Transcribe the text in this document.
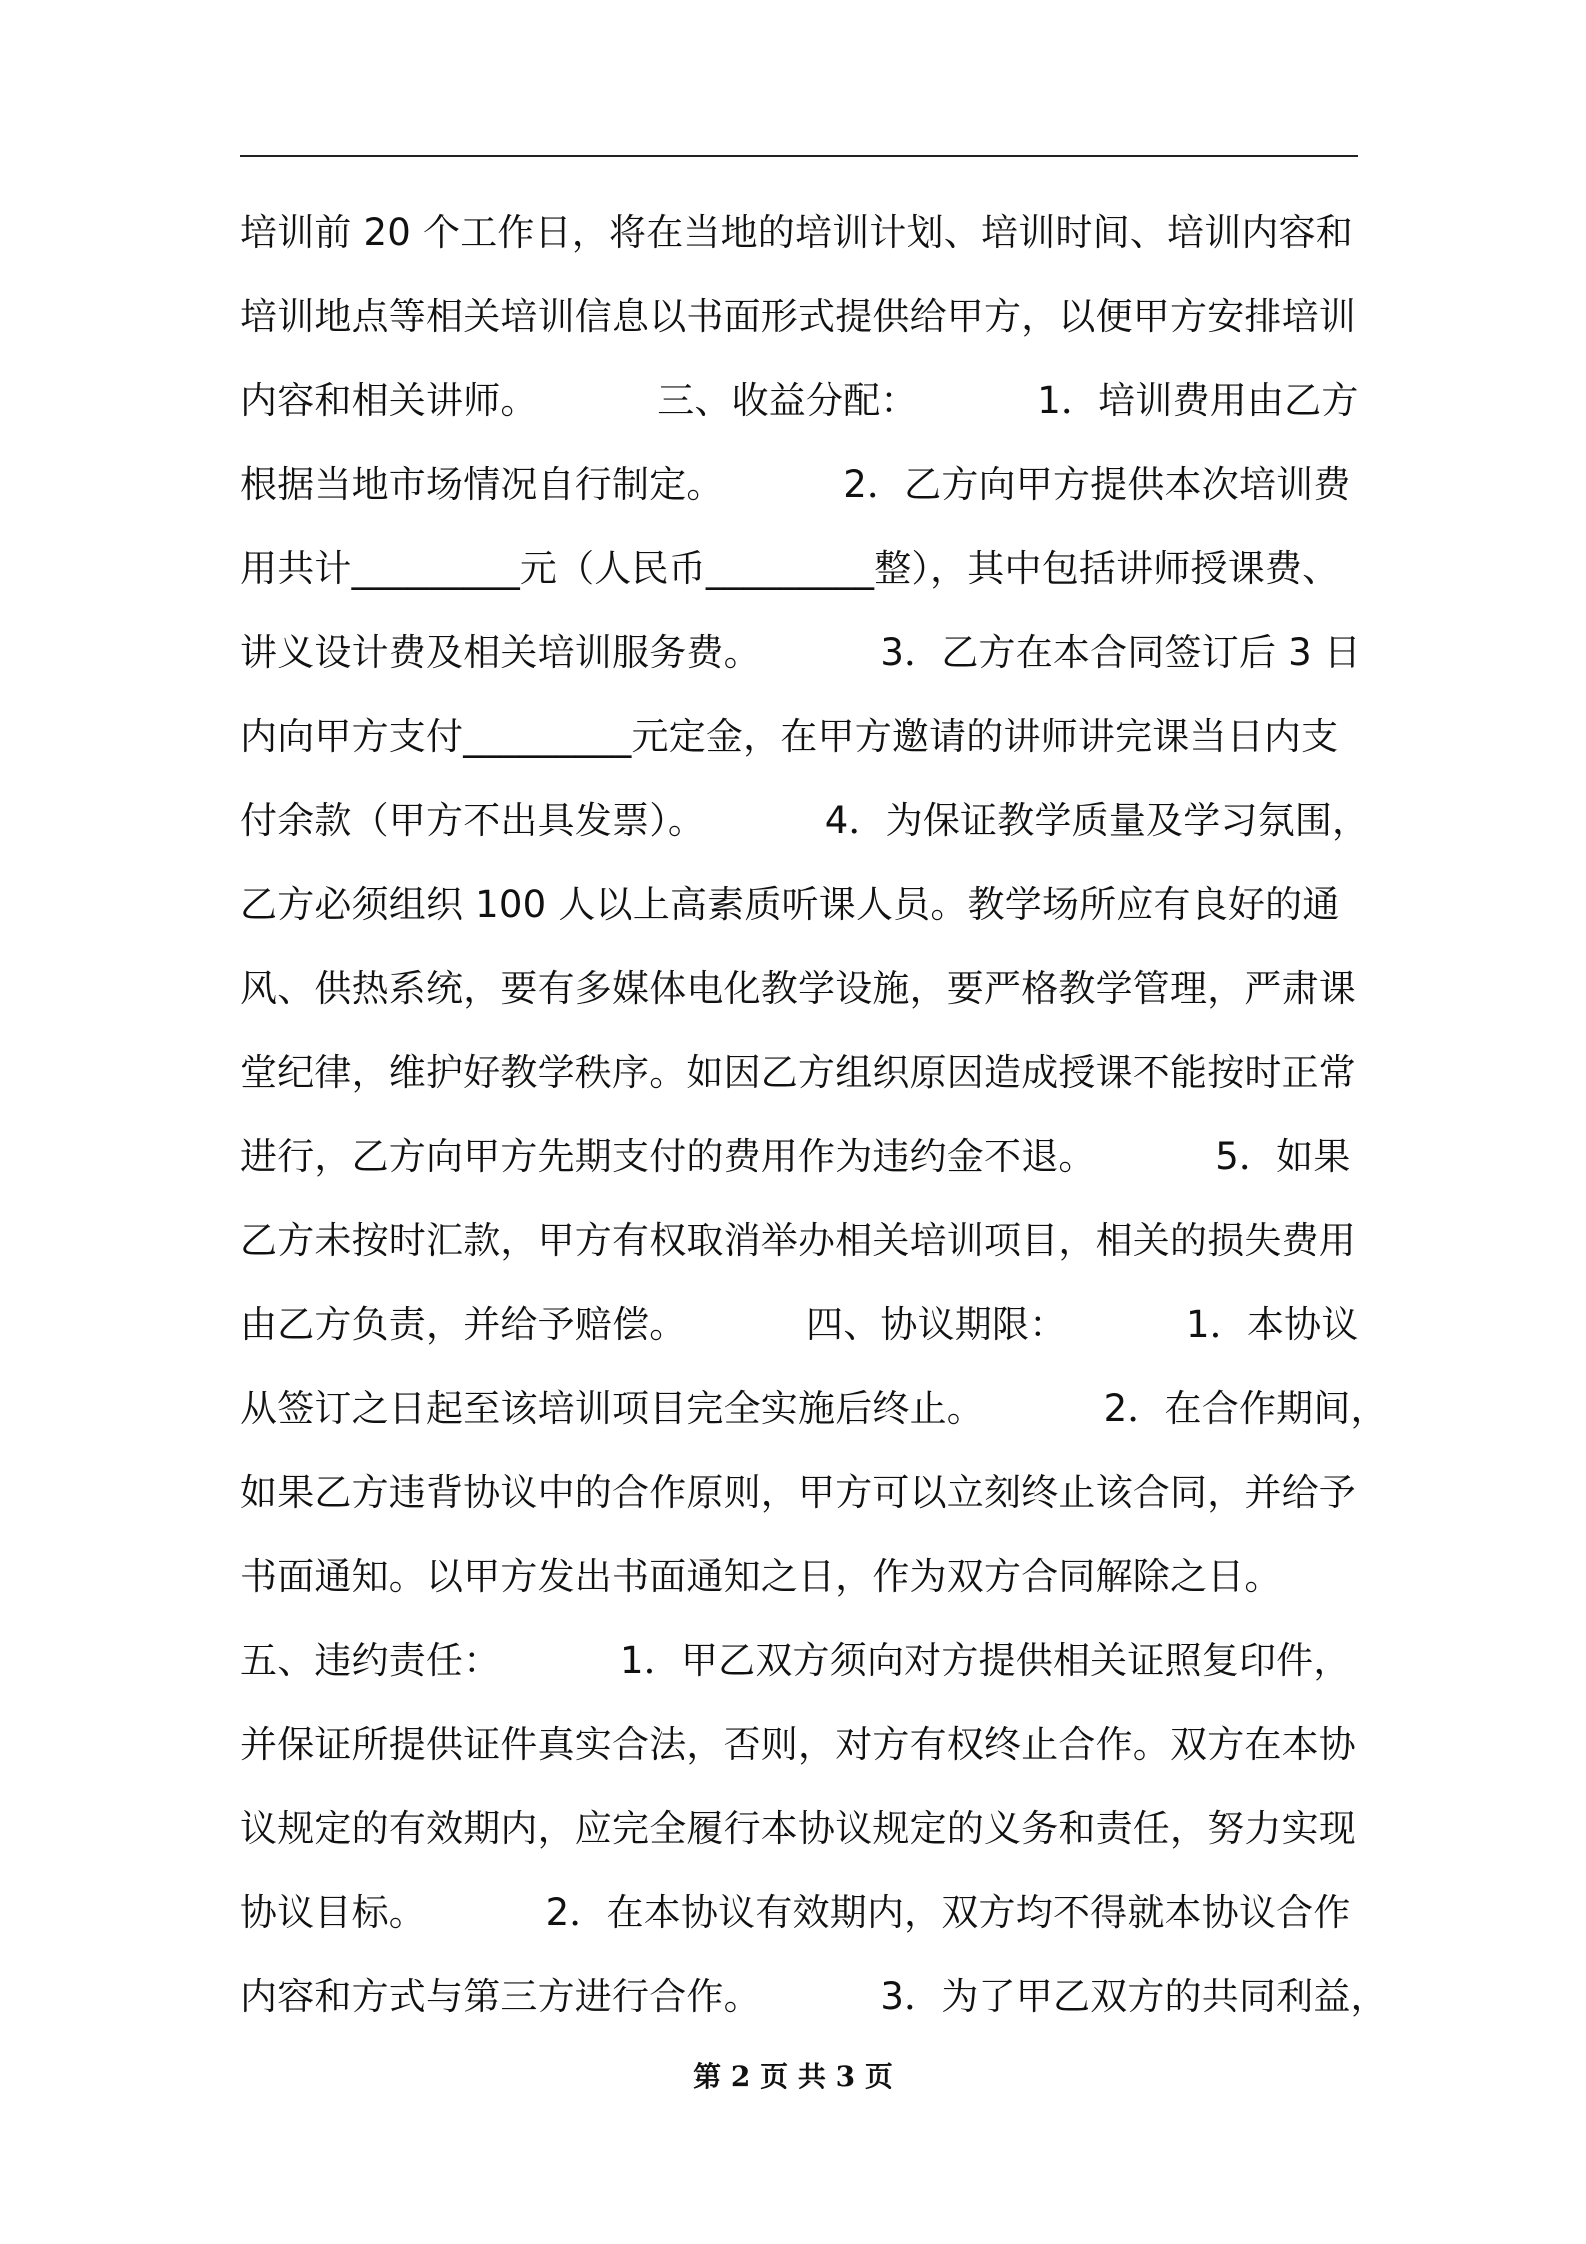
培训前 20 个工作日，将在当地的培训计划、培训时间、培训内容和
培训地点等相关培训信息以书面形式提供给甲方，以便甲方安排培训
内容和相关讲师。          三、收益分配：          1．培训费用由乙方
根据当地市场情况自行制定。          2．乙方向甲方提供本次培训费
用共计_________元（人民币_________整），其中包括讲师授课费、
讲义设计费及相关培训服务费。          3．乙方在本合同签订后 3 日
内向甲方支付_________元定金，在甲方邀请的讲师讲完课当日内支
付余款（甲方不出具发票）。          4．为保证教学质量及学习氛围，
乙方必须组织 100 人以上高素质听课人员。教学场所应有良好的通
风、供热系统，要有多媒体电化教学设施，要严格教学管理，严肃课
堂纪律，维护好教学秩序。如因乙方组织原因造成授课不能按时正常
进行，乙方向甲方先期支付的费用作为违约金不退。          5．如果
乙方未按时汇款，甲方有权取消举办相关培训项目，相关的损失费用
由乙方负责，并给予赔偿。          四、协议期限：          1．本协议
从签订之日起至该培训项目完全实施后终止。          2．在合作期间，
如果乙方违背协议中的合作原则，甲方可以立刻终止该合同，并给予
书面通知。以甲方发出书面通知之日，作为双方合同解除之日。
五、违约责任：          1．甲乙双方须向对方提供相关证照复印件，
并保证所提供证件真实合法，否则，对方有权终止合作。双方在本协
议规定的有效期内，应完全履行本协议规定的义务和责任，努力实现
协议目标。          2．在本协议有效期内，双方均不得就本协议合作
内容和方式与第三方进行合作。          3．为了甲乙双方的共同利益，
第 2 页 共 3 页
